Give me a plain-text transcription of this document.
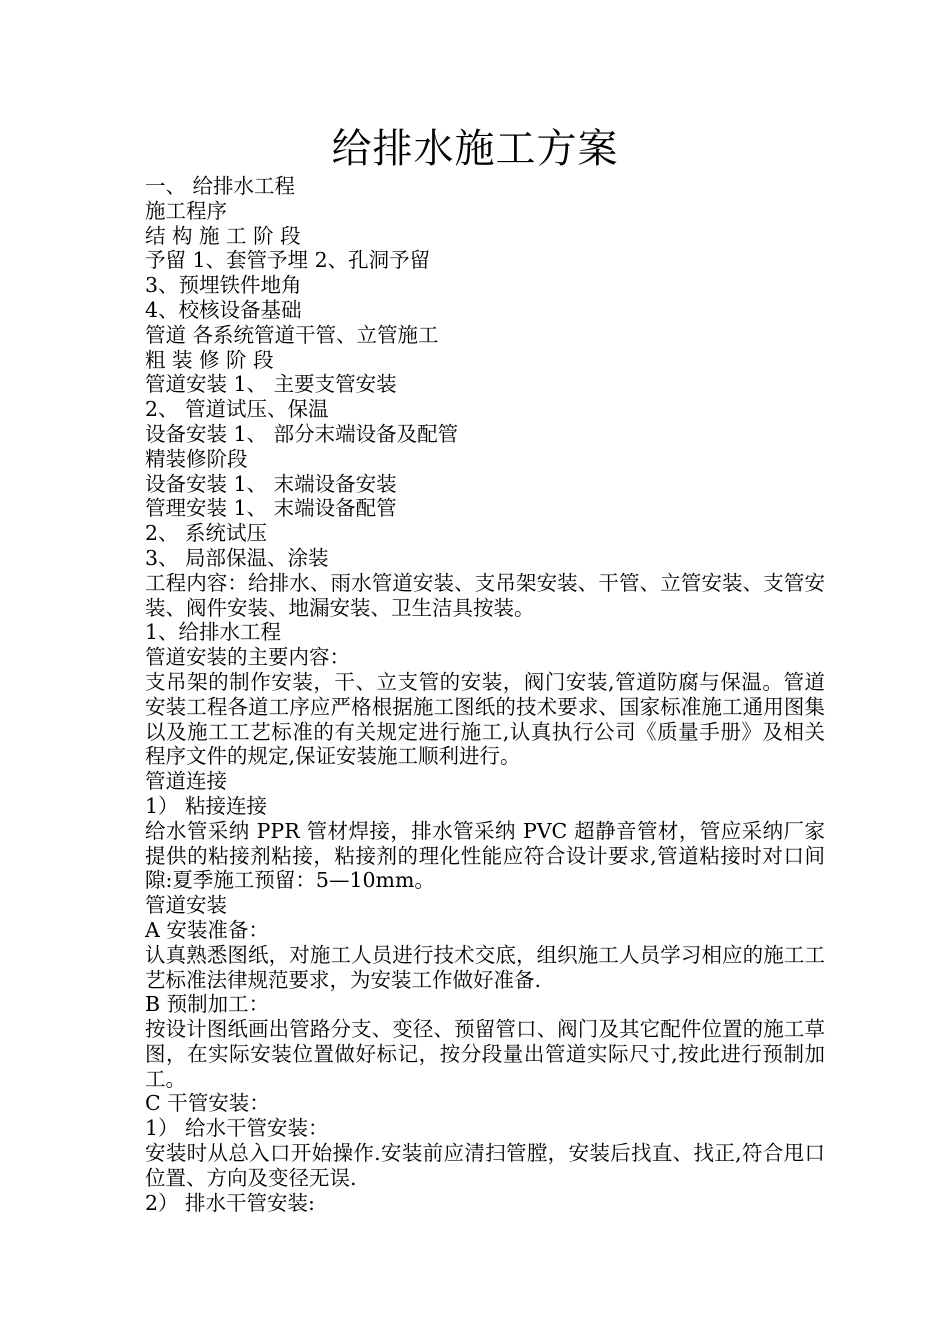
给排水施工方案
一、 给排水工程
施工程序
结 构 施 工 阶 段
予留 1、套管予埋 2、孔洞予留
3、预埋铁件地角
4、校核设备基础
管道 各系统管道干管、立管施工
粗 装 修 阶 段
管道安装 1、 主要支管安装
2、 管道试压、保温
设备安装 1、 部分末端设备及配管
精装修阶段
设备安装 1、 末端设备安装
管理安装 1、 末端设备配管
2、 系统试压
3、 局部保温、涂装
工程内容：给排水、雨水管道安装、支吊架安装、干管、立管安装、支管安装、阀件安装、地漏安装、卫生洁具按装。
1、给排水工程
管道安装的主要内容：
支吊架的制作安装，干、立支管的安装，阀门安装,管道防腐与保温。管道安装工程各道工序应严格根据施工图纸的技术要求、国家标准施工通用图集以及施工工艺标准的有关规定进行施工,认真执行公司《质量手册》及相关程序文件的规定,保证安装施工顺利进行。
管道连接
1） 粘接连接
给水管采纳 PPR 管材焊接，排水管采纳 PVC 超静音管材，管应采纳厂家提供的粘接剂粘接，粘接剂的理化性能应符合设计要求,管道粘接时对口间隙:夏季施工预留：5—10mm。
管道安装
A 安装准备：
认真熟悉图纸，对施工人员进行技术交底，组织施工人员学习相应的施工工艺标准法律规范要求，为安装工作做好准备.
B 预制加工：
按设计图纸画出管路分支、变径、预留管口、阀门及其它配件位置的施工草图，在实际安装位置做好标记，按分段量出管道实际尺寸,按此进行预制加工。
C 干管安装：
1） 给水干管安装：
安装时从总入口开始操作.安装前应清扫管膛，安装后找直、找正,符合甩口位置、方向及变径无误.
2） 排水干管安装:
